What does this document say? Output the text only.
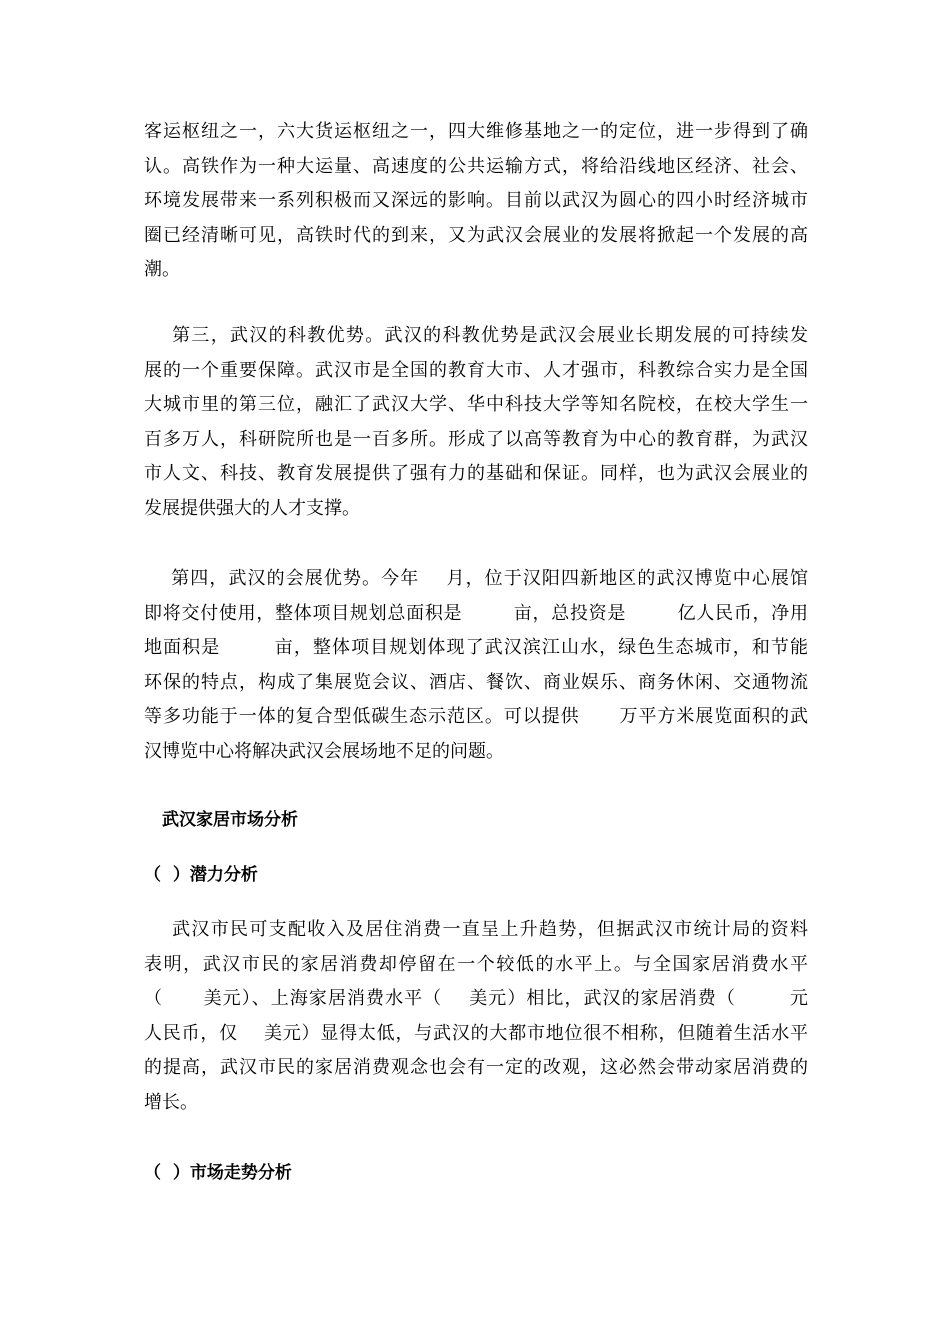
客运枢纽之一，六大货运枢纽之一，四大维修基地之一的定位，进一步得到了确
认。高铁作为一种大运量、高速度的公共运输方式，将给沿线地区经济、社会、
环境发展带来一系列积极而又深远的影响。目前以武汉为圆心的四小时经济城市
圈已经清晰可见，高铁时代的到来，又为武汉会展业的发展将掀起一个发展的高
潮。
第三，武汉的科教优势。武汉的科教优势是武汉会展业长期发展的可持续发
展的一个重要保障。武汉市是全国的教育大市、人才强市，科教综合实力是全国
大城市里的第三位，融汇了武汉大学、华中科技大学等知名院校，在校大学生一
百多万人，科研院所也是一百多所。形成了以高等教育为中心的教育群，为武汉
市人文、科技、教育发展提供了强有力的基础和保证。同样，也为武汉会展业的
发展提供强大的人才支撑。
第四，武汉的会展优势。今年    月，位于汉阳四新地区的武汉博览中心展馆
即将交付使用，整体项目规划总面积是        亩，总投资是        亿人民币，净用
地面积是        亩，整体项目规划体现了武汉滨江山水，绿色生态城市，和节能
环保的特点，构成了集展览会议、酒店、餐饮、商业娱乐、商务休闲、交通物流
等多功能于一体的复合型低碳生态示范区。可以提供      万平方米展览面积的武
汉博览中心将解决武汉会展场地不足的问题。
武汉家居市场分析
（  ）潜力分析
武汉市民可支配收入及居住消费一直呈上升趋势，但据武汉市统计局的资料
表明，武汉市民的家居消费却停留在一个较低的水平上。与全国家居消费水平
（      美元）、上海家居消费水平（    美元）相比，武汉的家居消费（        元
人民币，仅    美元）显得太低，与武汉的大都市地位很不相称，但随着生活水平
的提高，武汉市民的家居消费观念也会有一定的改观，这必然会带动家居消费的
增长。
（  ）市场走势分析
